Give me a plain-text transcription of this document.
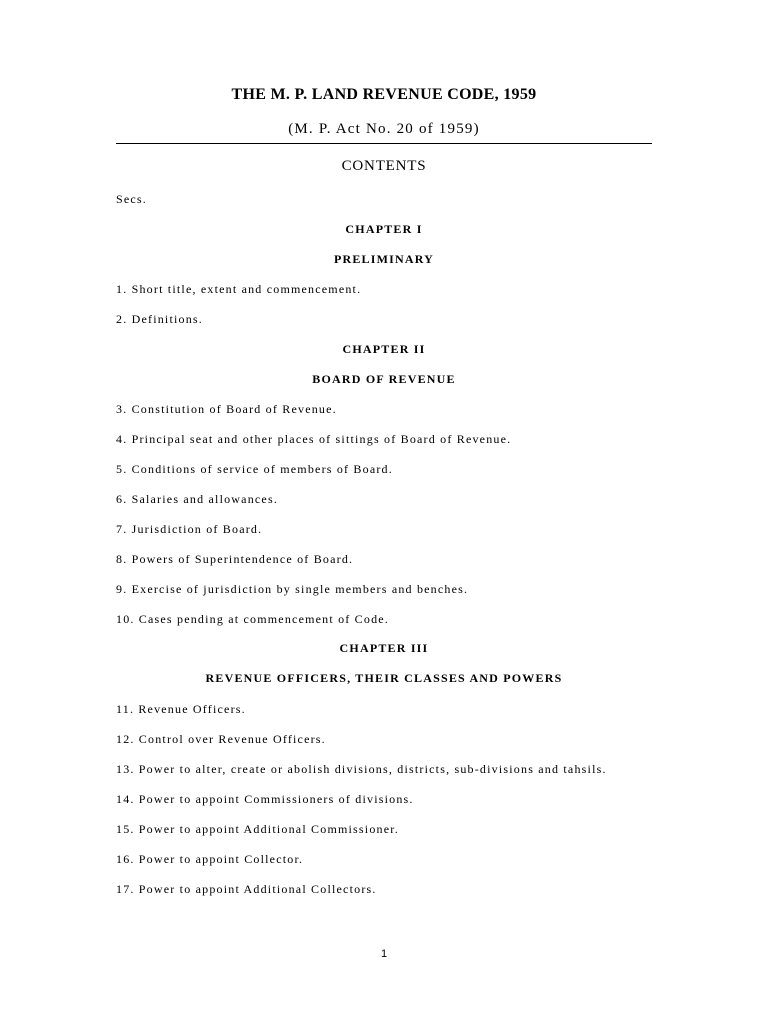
THE M. P. LAND REVENUE CODE, 1959
(M. P. Act No. 20 of 1959)
CONTENTS
Secs.
CHAPTER I
PRELIMINARY
1. Short title, extent and commencement.
2. Definitions.
CHAPTER II
BOARD OF REVENUE
3. Constitution of Board of Revenue.
4. Principal seat and other places of sittings of Board of Revenue.
5. Conditions of service of members of Board.
6. Salaries and allowances.
7. Jurisdiction of Board.
8. Powers of Superintendence of Board.
9. Exercise of jurisdiction by single members and benches.
10. Cases pending at commencement of Code.
CHAPTER III
REVENUE OFFICERS, THEIR CLASSES AND POWERS
11. Revenue Officers.
12. Control over Revenue Officers.
13. Power to alter, create or abolish divisions, districts, sub-divisions and tahsils.
14. Power to appoint Commissioners of divisions.
15. Power to appoint Additional Commissioner.
16. Power to appoint Collector.
17. Power to appoint Additional Collectors.
1
